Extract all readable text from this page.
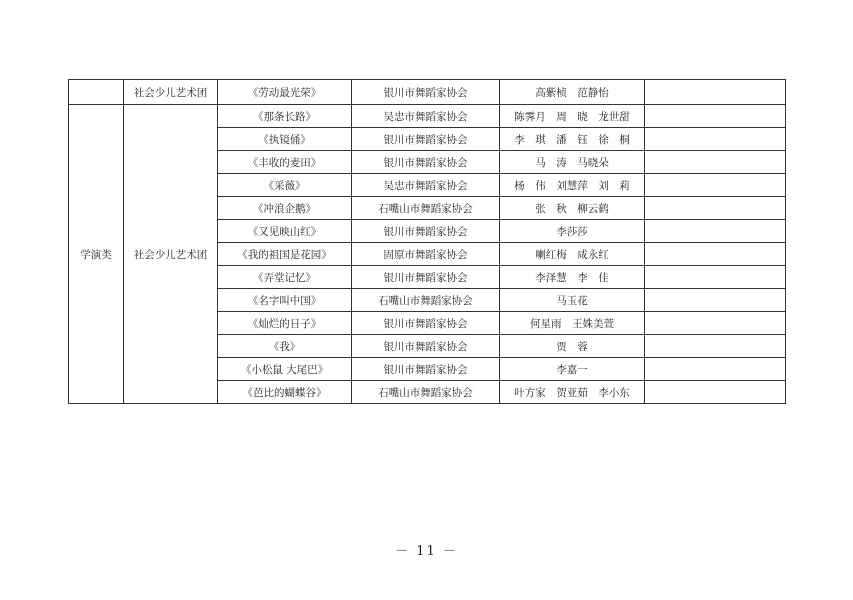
	社会少儿艺术团	《劳动最光荣》	银川市舞蹈家协会	高紫桢　范静怡	
学演类	社会少儿艺术团	《那条长路》	吴忠市舞蹈家协会	陈霁月　周　晓　龙世甜	
		《执镜俑》	银川市舞蹈家协会	李　琪　潘　钰　徐　桐	
		《丰收的麦田》	银川市舞蹈家协会	马　涛　马晓朵	
		《采薇》	吴忠市舞蹈家协会	杨　伟　刘慧萍　刘　莉	
		《冲浪企鹅》	石嘴山市舞蹈家协会	张　秋　柳云鹤	
		《又见映山红》	银川市舞蹈家协会	李莎莎	
		《我的祖国是花园》	固原市舞蹈家协会	喇红梅　咸永红	
		《弄堂记忆》	银川市舞蹈家协会	李泽慧　李　佳	
		《名字叫中国》	石嘴山市舞蹈家协会	马玉花	
		《灿烂的日子》	银川市舞蹈家协会	何星雨　王姝美萱	
		《我》	银川市舞蹈家协会	贾　蓉	
		《小松鼠 大尾巴》	银川市舞蹈家协会	李嘉一	
		《芭比的蝴蝶谷》	石嘴山市舞蹈家协会	叶方家　贺亚茹　李小东	
－ 11 －
